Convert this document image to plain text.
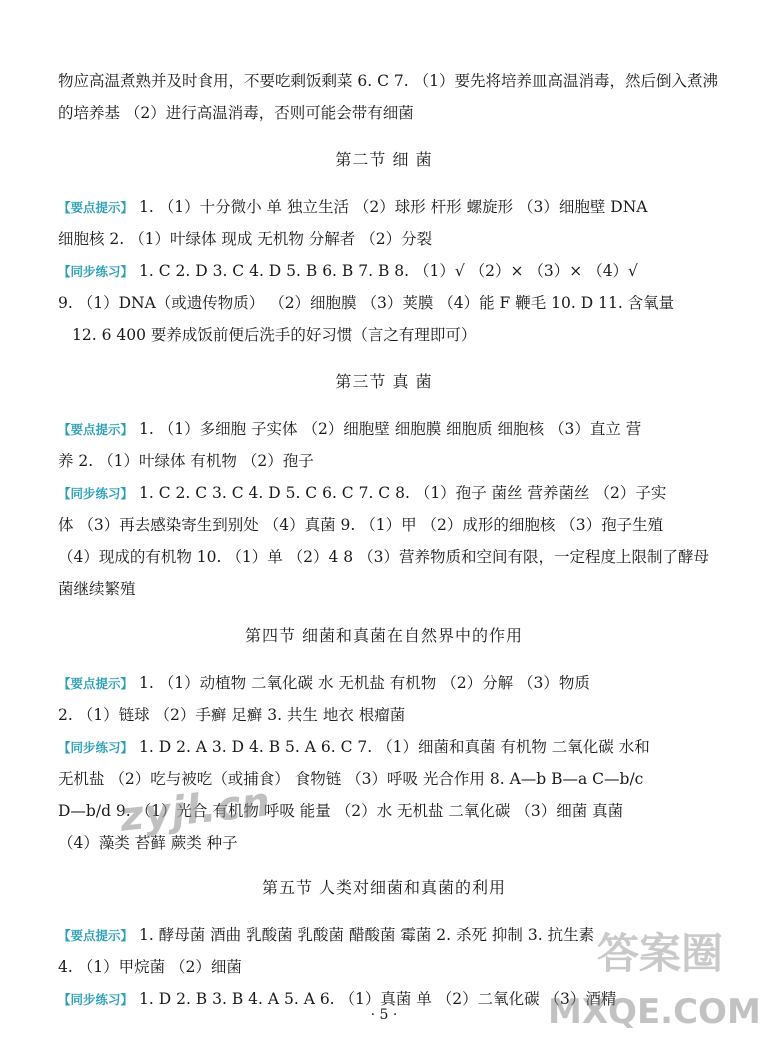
物应高温煮熟并及时食用，不要吃剩饭剩菜 6. C 7. （1）要先将培养皿高温消毒，然后倒入煮沸
的培养基 （2）进行高温消毒，否则可能会带有细菌
第二节 细 菌
【要点提示】 1. （1）十分微小 单 独立生活 （2）球形 杆形 螺旋形 （3）细胞壁 DNA
细胞核 2. （1）叶绿体 现成 无机物 分解者 （2）分裂
【同步练习】 1. C 2. D 3. C 4. D 5. B 6. B 7. B 8. （1）√ （2）× （3）× （4）√
9. （1）DNA（或遗传物质） （2）细胞膜 （3）荚膜 （4）能 F 鞭毛 10. D 11. 含氧量
12. 6 400 要养成饭前便后洗手的好习惯（言之有理即可）
第三节 真 菌
【要点提示】 1. （1）多细胞 子实体 （2）细胞壁 细胞膜 细胞质 细胞核 （3）直立 营
养 2. （1）叶绿体 有机物 （2）孢子
【同步练习】 1. C 2. C 3. C 4. D 5. C 6. C 7. C 8. （1）孢子 菌丝 营养菌丝 （2）子实
体 （3）再去感染寄生到别处 （4）真菌 9. （1）甲 （2）成形的细胞核 （3）孢子生殖
（4）现成的有机物 10. （1）单 （2）4 8 （3）营养物质和空间有限，一定程度上限制了酵母
菌继续繁殖
第四节 细菌和真菌在自然界中的作用
【要点提示】 1. （1）动植物 二氧化碳 水 无机盐 有机物 （2）分解 （3）物质
2. （1）链球 （2）手癣 足癣 3. 共生 地衣 根瘤菌
【同步练习】 1. D 2. A 3. D 4. B 5. A 6. C 7. （1）细菌和真菌 有机物 二氧化碳 水和
无机盐 （2）吃与被吃（或捕食） 食物链 （3）呼吸 光合作用 8. A—b B—a C—b/c
D—b/d 9. （1）光合 有机物 呼吸 能量 （2）水 无机盐 二氧化碳 （3）细菌 真菌
（4）藻类 苔藓 蕨类 种子
第五节 人类对细菌和真菌的利用
【要点提示】 1. 酵母菌 酒曲 乳酸菌 乳酸菌 醋酸菌 霉菌 2. 杀死 抑制 3. 抗生素
4. （1）甲烷菌 （2）细菌
【同步练习】 1. D 2. B 3. B 4. A 5. A 6. （1）真菌 单 （2）二氧化碳 （3）酒精
· 5 ·
zyjl.cn
答案圈
MXQE.COM
